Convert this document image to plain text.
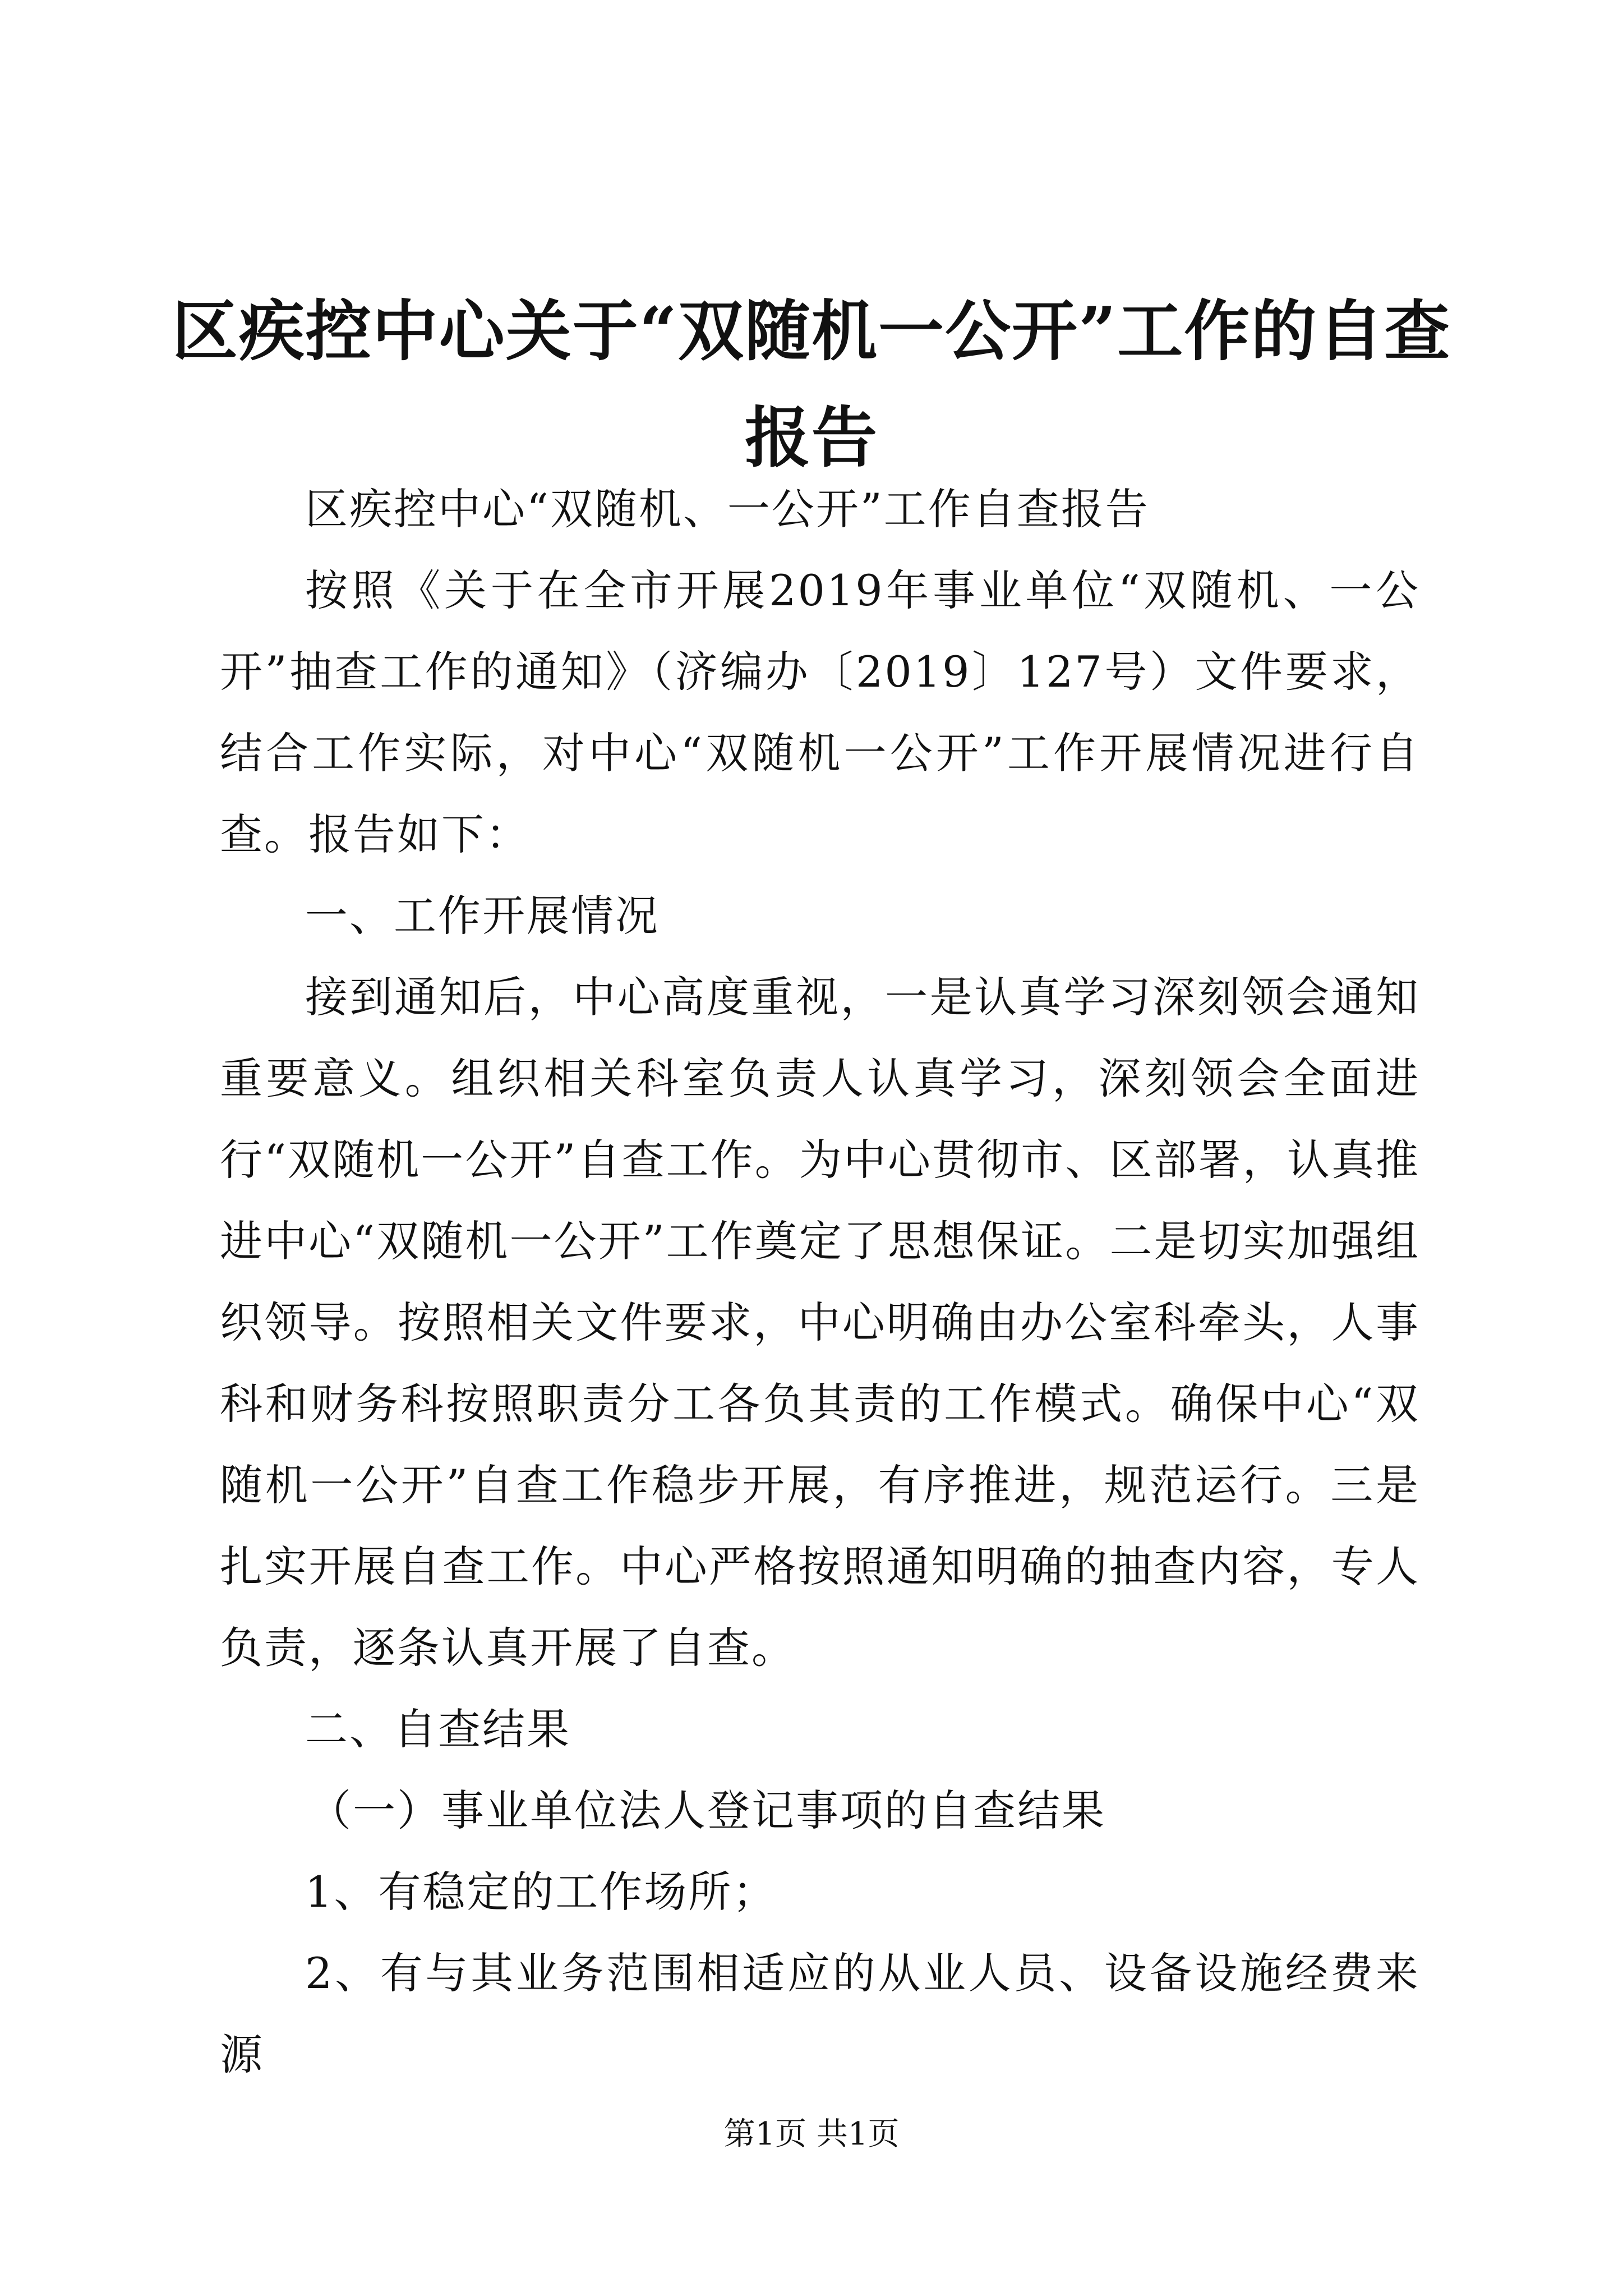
区疾控中心关于“双随机一公开”工作的自查报告

区疾控中心“双随机、一公开”工作自查报告

按照《关于在全市开展2019年事业单位“双随机、一公开”抽查工作的通知》（济编办〔2019〕127号）文件要求，结合工作实际，对中心“双随机一公开”工作开展情况进行自查。报告如下：

一、工作开展情况

接到通知后，中心高度重视，一是认真学习深刻领会通知重要意义。组织相关科室负责人认真学习，深刻领会全面进行“双随机一公开”自查工作。为中心贯彻市、区部署，认真推进中心“双随机一公开”工作奠定了思想保证。二是切实加强组织领导。按照相关文件要求，中心明确由办公室科牵头，人事科和财务科按照职责分工各负其责的工作模式。确保中心“双随机一公开”自查工作稳步开展，有序推进，规范运行。三是扎实开展自查工作。中心严格按照通知明确的抽查内容，专人负责，逐条认真开展了自查。

二、自查结果

（一）事业单位法人登记事项的自查结果

1、有稳定的工作场所；

2、有与其业务范围相适应的从业人员、设备设施经费来源

第1页 共1页
